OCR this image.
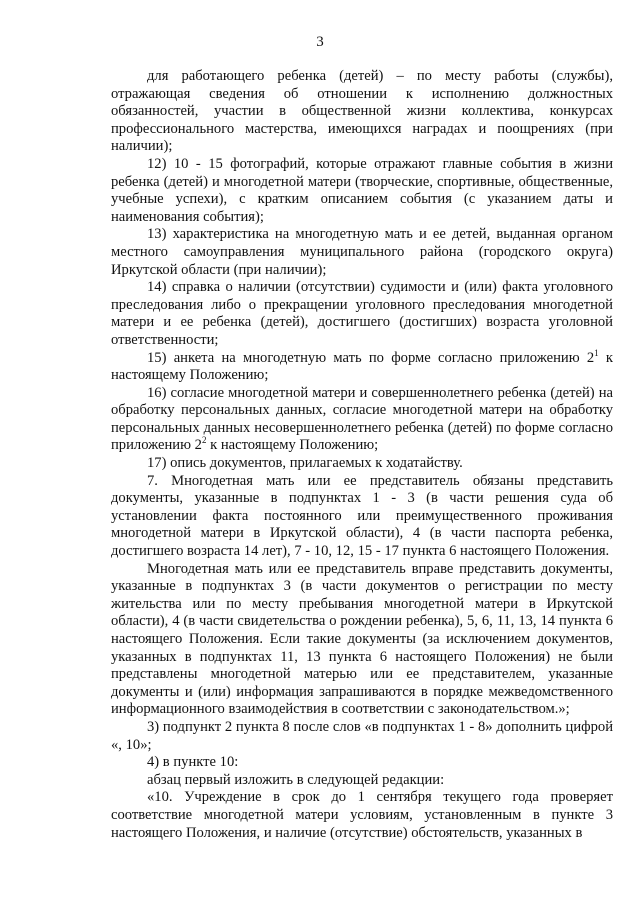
3

для работающего ребенка (детей) – по месту работы (службы), отражающая сведения об отношении к исполнению должностных обязанностей, участии в общественной жизни коллектива, конкурсах профессионального мастерства, имеющихся наградах и поощрениях (при наличии);

12) 10 - 15 фотографий, которые отражают главные события в жизни ребенка (детей) и многодетной матери (творческие, спортивные, общественные, учебные успехи), с кратким описанием события (с указанием даты и наименования события);

13) характеристика на многодетную мать и ее детей, выданная органом местного самоуправления муниципального района (городского округа) Иркутской области (при наличии);

14) справка о наличии (отсутствии) судимости и (или) факта уголовного преследования либо о прекращении уголовного преследования многодетной матери и ее ребенка (детей), достигшего (достигших) возраста уголовной ответственности;

15) анкета на многодетную мать по форме согласно приложению $2^1$ к настоящему Положению;

16) согласие многодетной матери и совершеннолетнего ребенка (детей) на обработку персональных данных, согласие многодетной матери на обработку персональных данных несовершеннолетнего ребенка (детей) по форме согласно приложению $2^2$ к настоящему Положению;

17) опись документов, прилагаемых к ходатайству.

7. Многодетная мать или ее представитель обязаны представить документы, указанные в подпунктах 1 - 3 (в части решения суда об установлении факта постоянного или преимущественного проживания многодетной матери в Иркутской области), 4 (в части паспорта ребенка, достигшего возраста 14 лет), 7 - 10, 12, 15 - 17 пункта 6 настоящего Положения.

Многодетная мать или ее представитель вправе представить документы, указанные в подпунктах 3 (в части документов о регистрации по месту жительства или по месту пребывания многодетной матери в Иркутской области), 4 (в части свидетельства о рождении ребенка), 5, 6, 11, 13, 14 пункта 6 настоящего Положения. Если такие документы (за исключением документов, указанных в подпунктах 11, 13 пункта 6 настоящего Положения) не были представлены многодетной матерью или ее представителем, указанные документы и (или) информация запрашиваются в порядке межведомственного информационного взаимодействия в соответствии с законодательством.»;

3) подпункт 2 пункта 8 после слов «в подпунктах 1 - 8» дополнить цифрой «, 10»;

4) в пункте 10:

абзац первый изложить в следующей редакции:

«10. Учреждение в срок до 1 сентября текущего года проверяет соответствие многодетной матери условиям, установленным в пункте 3 настоящего Положения, и наличие (отсутствие) обстоятельств, указанных в
